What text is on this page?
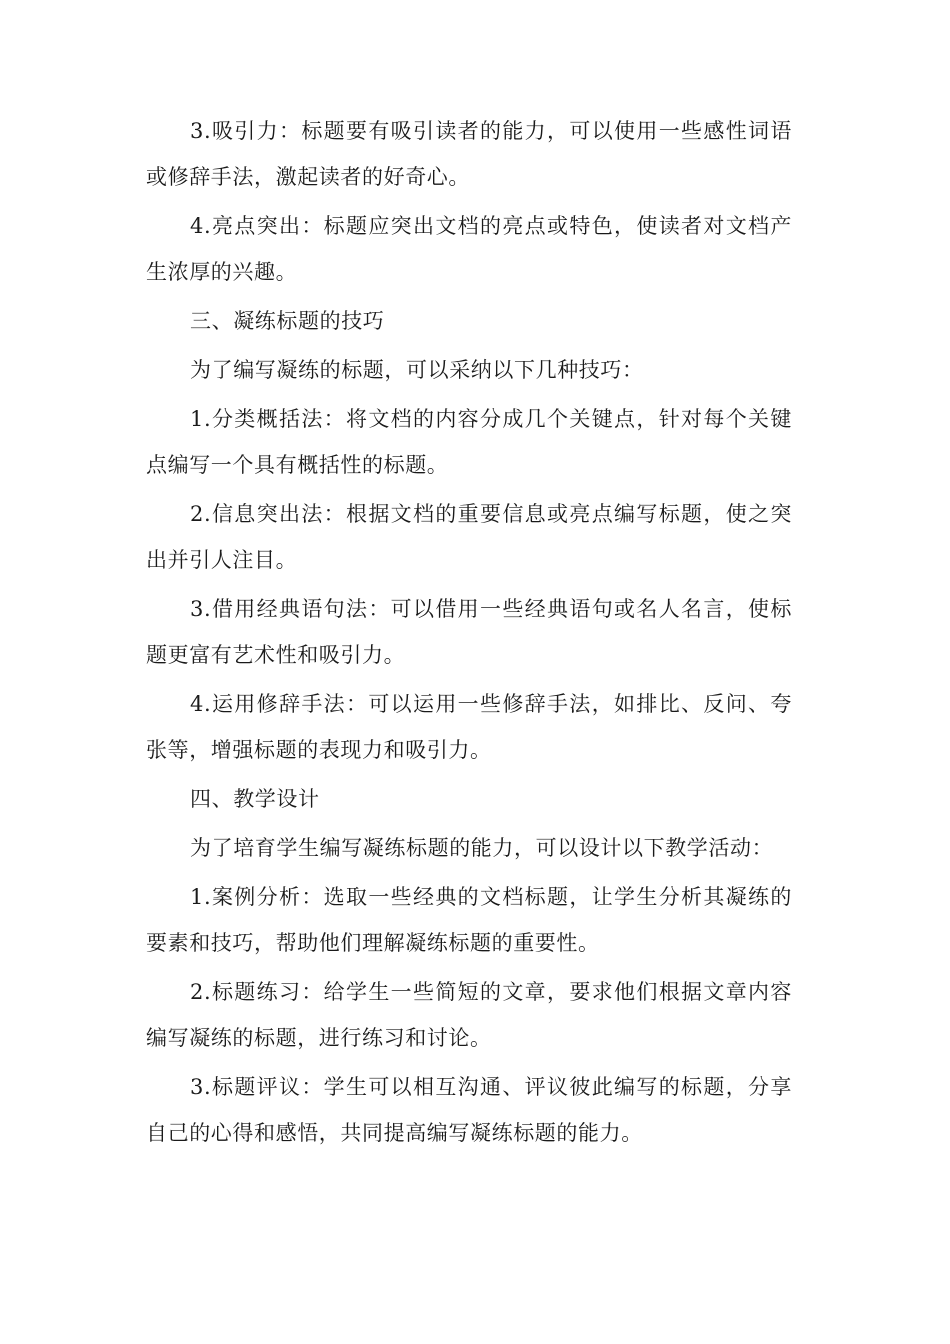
3.吸引力：标题要有吸引读者的能力，可以使用一些感性词语或修辞手法，激起读者的好奇心。

4.亮点突出：标题应突出文档的亮点或特色，使读者对文档产生浓厚的兴趣。

三、凝练标题的技巧

为了编写凝练的标题，可以采纳以下几种技巧：

1.分类概括法：将文档的内容分成几个关键点，针对每个关键点编写一个具有概括性的标题。

2.信息突出法：根据文档的重要信息或亮点编写标题，使之突出并引人注目。

3.借用经典语句法：可以借用一些经典语句或名人名言，使标题更富有艺术性和吸引力。

4.运用修辞手法：可以运用一些修辞手法，如排比、反问、夸张等，增强标题的表现力和吸引力。

四、教学设计

为了培育学生编写凝练标题的能力，可以设计以下教学活动：

1.案例分析：选取一些经典的文档标题，让学生分析其凝练的要素和技巧，帮助他们理解凝练标题的重要性。

2.标题练习：给学生一些简短的文章，要求他们根据文章内容编写凝练的标题，进行练习和讨论。

3.标题评议：学生可以相互沟通、评议彼此编写的标题，分享自己的心得和感悟，共同提高编写凝练标题的能力。
